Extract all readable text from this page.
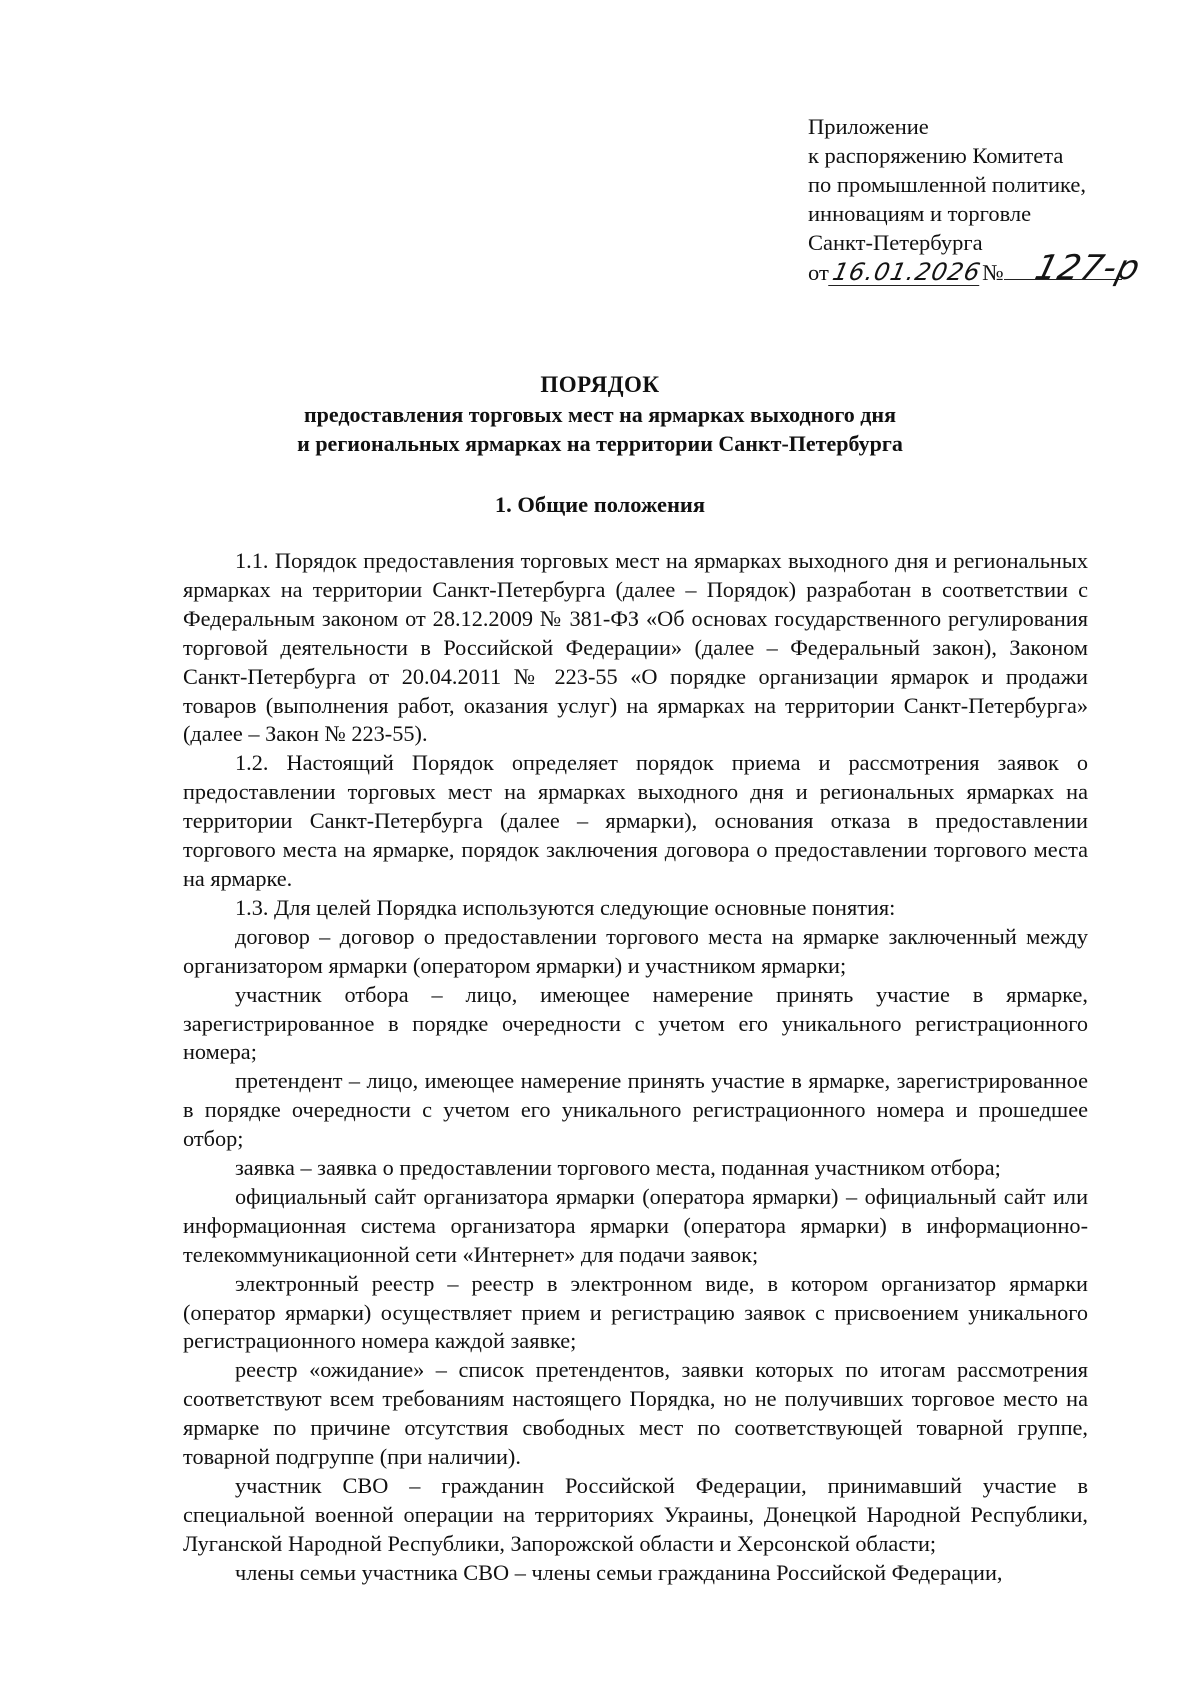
Приложение
к распоряжению Комитета
по промышленной политике,
инновациям и торговле
Санкт-Петербурга
от16.01.2026№ 127-р
ПОРЯДОК
предоставления торговых мест на ярмарках выходного дня
и региональных ярмарках на территории Санкт-Петербурга
1. Общие положения

1.1. Порядок предоставления торговых мест на ярмарках выходного дня и региональных ярмарках на территории Санкт-Петербурга (далее – Порядок) разработан в соответствии с Федеральным законом от 28.12.2009 № 381-ФЗ «Об основах государственного регулирования торговой деятельности в Российской Федерации» (далее – Федеральный закон), Законом Санкт-Петербурга от 20.04.2011 № 223-55 «О порядке организации ярмарок и продажи товаров (выполнения работ, оказания услуг) на ярмарках на территории Санкт-Петербурга» (далее – Закон № 223-55).

1.2. Настоящий Порядок определяет порядок приема и рассмотрения заявок о предоставлении торговых мест на ярмарках выходного дня и региональных ярмарках на территории Санкт-Петербурга (далее – ярмарки), основания отказа в предоставлении торгового места на ярмарке, порядок заключения договора о предоставлении торгового места на ярмарке.

1.3. Для целей Порядка используются следующие основные понятия:

договор – договор о предоставлении торгового места на ярмарке заключенный между организатором ярмарки (оператором ярмарки) и участником ярмарки;

участник отбора – лицо, имеющее намерение принять участие в ярмарке, зарегистрированное в порядке очередности с учетом его уникального регистрационного номера;

претендент – лицо, имеющее намерение принять участие в ярмарке, зарегистрированное в порядке очередности с учетом его уникального регистрационного номера и прошедшее отбор;

заявка – заявка о предоставлении торгового места, поданная участником отбора;

официальный сайт организатора ярмарки (оператора ярмарки) – официальный сайт или информационная система организатора ярмарки (оператора ярмарки) в информационно-телекоммуникационной сети «Интернет» для подачи заявок;

электронный реестр – реестр в электронном виде, в котором организатор ярмарки (оператор ярмарки) осуществляет прием и регистрацию заявок с присвоением уникального регистрационного номера каждой заявке;

реестр «ожидание» – список претендентов, заявки которых по итогам рассмотрения соответствуют всем требованиям настоящего Порядка, но не получивших торговое место на ярмарке по причине отсутствия свободных мест по соответствующей товарной группе, товарной подгруппе (при наличии).

участник СВО – гражданин Российской Федерации, принимавший участие в специальной военной операции на территориях Украины, Донецкой Народной Республики, Луганской Народной Республики, Запорожской области и Херсонской области;

члены семьи участника СВО – члены семьи гражданина Российской Федерации,
